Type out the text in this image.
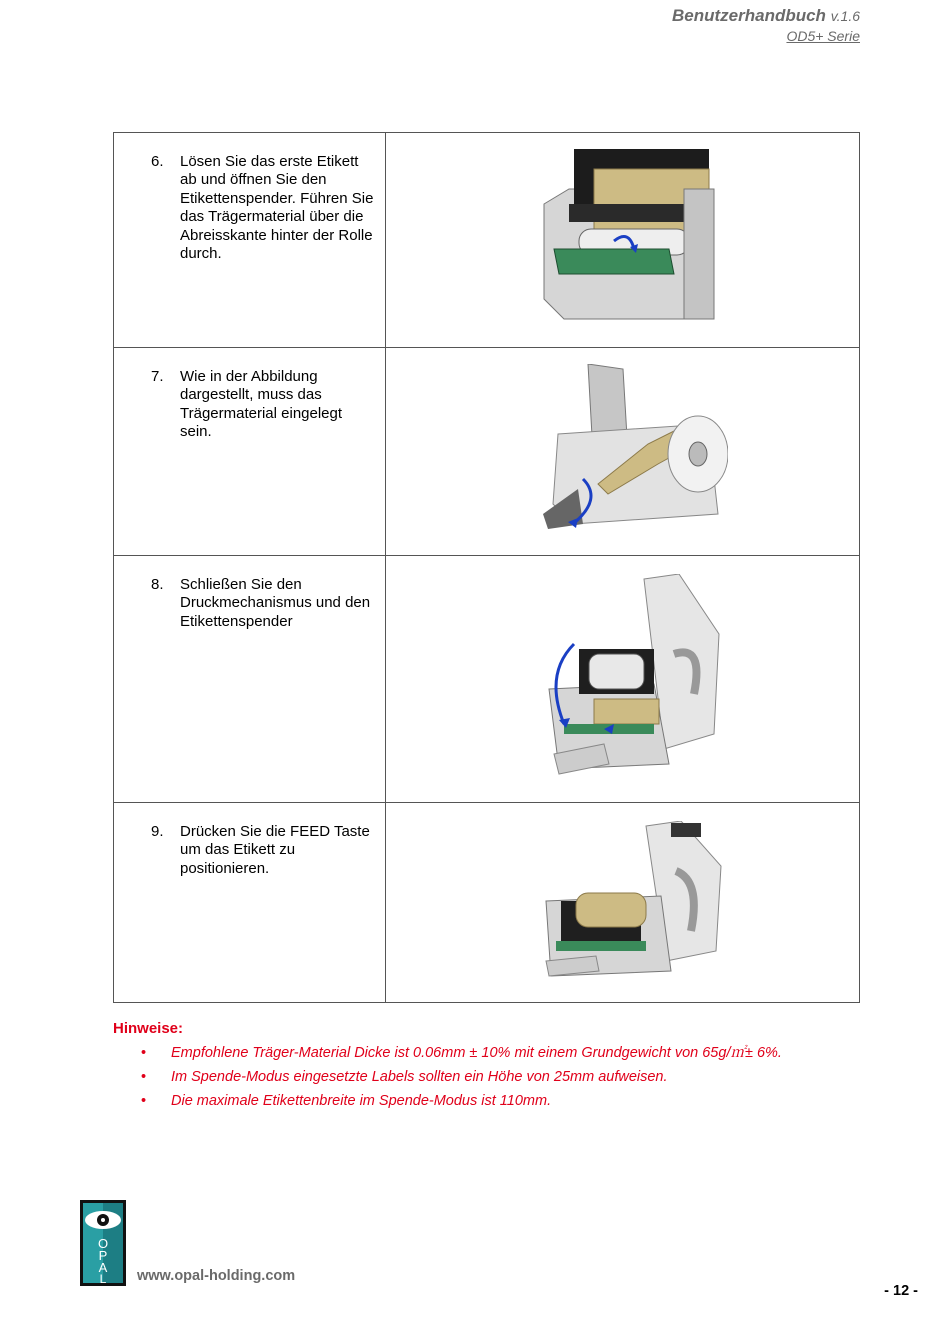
Benutzerhandbuch v.1.6
OD5+ Serie
6. Lösen Sie das erste Etikett ab und öffnen Sie den Etikettenspender. Führen Sie das Trägermaterial über die Abreisskante hinter der Rolle durch.

7. Wie in der Abbildung dargestellt, muss das Trägermaterial eingelegt sein.

8. Schließen Sie den Druckmechanismus und den Etikettenspender

9. Drücken Sie die FEED Taste um das Etikett zu positionieren.

Hinweise:
•	Empfohlene Träger-Material Dicke ist 0.06mm ± 10% mit einem Grundgewicht von 65g/㎡± 6%.
•	Im Spende-Modus eingesetzte Labels sollten ein Höhe von 25mm aufweisen.
•	Die maximale Etikettenbreite im Spende-Modus ist 110mm.
O
P
A
L www.opal-holding.com
- 12 -
